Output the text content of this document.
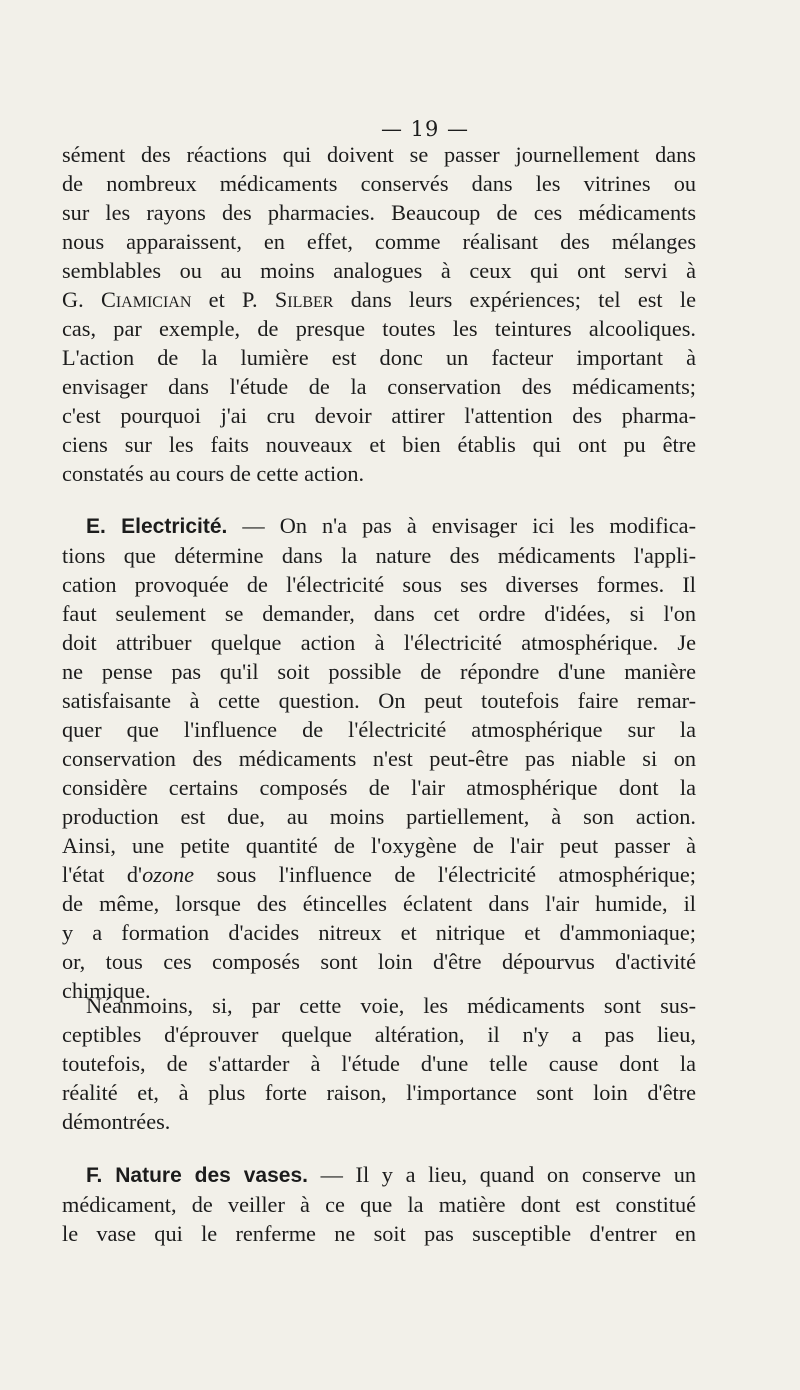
— 19 —
sément des réactions qui doivent se passer journellement dans
de nombreux médicaments conservés dans les vitrines ou
sur les rayons des pharmacies. Beaucoup de ces médicaments
nous apparaissent, en effet, comme réalisant des mélanges
semblables ou au moins analogues à ceux qui ont servi à
G. Ciamician et P. Silber dans leurs expériences; tel est le
cas, par exemple, de presque toutes les teintures alcooliques.
L'action de la lumière est donc un facteur important à
envisager dans l'étude de la conservation des médicaments;
c'est pourquoi j'ai cru devoir attirer l'attention des pharma-
ciens sur les faits nouveaux et bien établis qui ont pu être
constatés au cours de cette action.
E. Electricité. — On n'a pas à envisager ici les modifica-
tions que détermine dans la nature des médicaments l'appli-
cation provoquée de l'électricité sous ses diverses formes. Il
faut seulement se demander, dans cet ordre d'idées, si l'on
doit attribuer quelque action à l'électricité atmosphérique. Je
ne pense pas qu'il soit possible de répondre d'une manière
satisfaisante à cette question. On peut toutefois faire remar-
quer que l'influence de l'électricité atmosphérique sur la
conservation des médicaments n'est peut-être pas niable si on
considère certains composés de l'air atmosphérique dont la
production est due, au moins partiellement, à son action.
Ainsi, une petite quantité de l'oxygène de l'air peut passer à
l'état d'ozone sous l'influence de l'électricité atmosphérique;
de même, lorsque des étincelles éclatent dans l'air humide, il
y a formation d'acides nitreux et nitrique et d'ammoniaque;
or, tous ces composés sont loin d'être dépourvus d'activité
chimique.
Néanmoins, si, par cette voie, les médicaments sont sus-
ceptibles d'éprouver quelque altération, il n'y a pas lieu,
toutefois, de s'attarder à l'étude d'une telle cause dont la
réalité et, à plus forte raison, l'importance sont loin d'être
démontrées.
F. Nature des vases. — Il y a lieu, quand on conserve un
médicament, de veiller à ce que la matière dont est constitué
le vase qui le renferme ne soit pas susceptible d'entrer en
